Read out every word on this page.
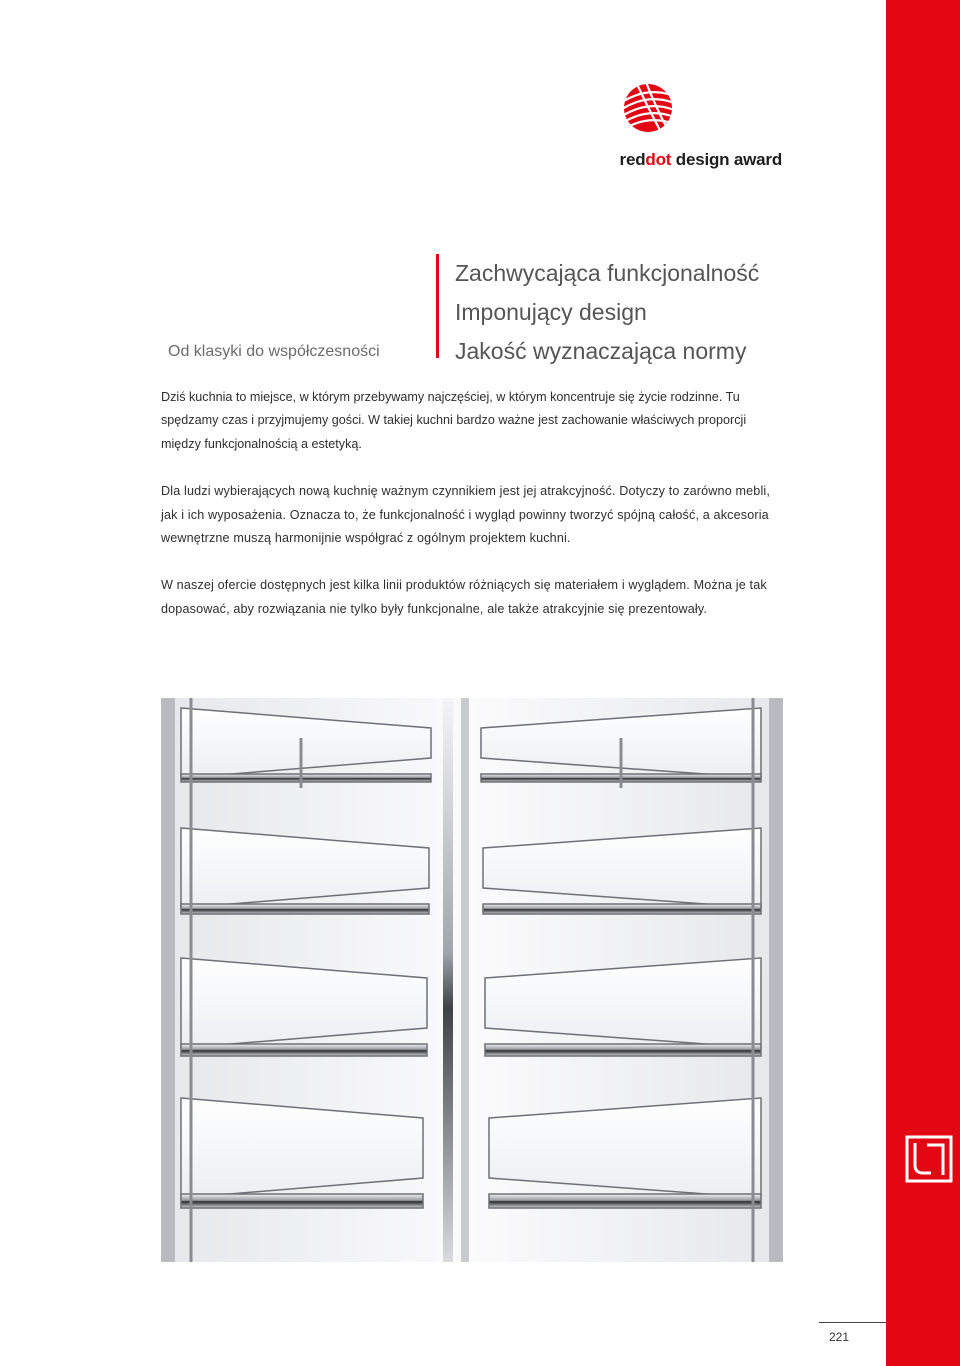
reddot design award
Od klasyki do współczesności
Zachwycająca funkcjonalność
Imponujący design
Jakość wyznaczająca normy

Dziś kuchnia to miejsce, w którym przebywamy najczęściej, w którym koncentruje się życie rodzinne. Tu spędzamy czas i przyjmujemy gości. W takiej kuchni bardzo ważne jest zachowanie właściwych proporcji między funkcjonalnością a estetyką.

Dla ludzi wybierających nową kuchnię ważnym czynnikiem jest jej atrakcyjność. Dotyczy to zarówno mebli, jak i ich wyposażenia. Oznacza to, że funkcjonalność i wygląd powinny tworzyć spójną całość, a akcesoria wewnętrzne muszą harmonijnie współgrać z ogólnym projektem kuchni.

W naszej ofercie dostępnych jest kilka linii produktów różniących się materiałem i wyglądem. Można je tak dopasować, aby rozwiązania nie tylko były funkcjonalne, ale także atrakcyjnie się prezentowały.

221
